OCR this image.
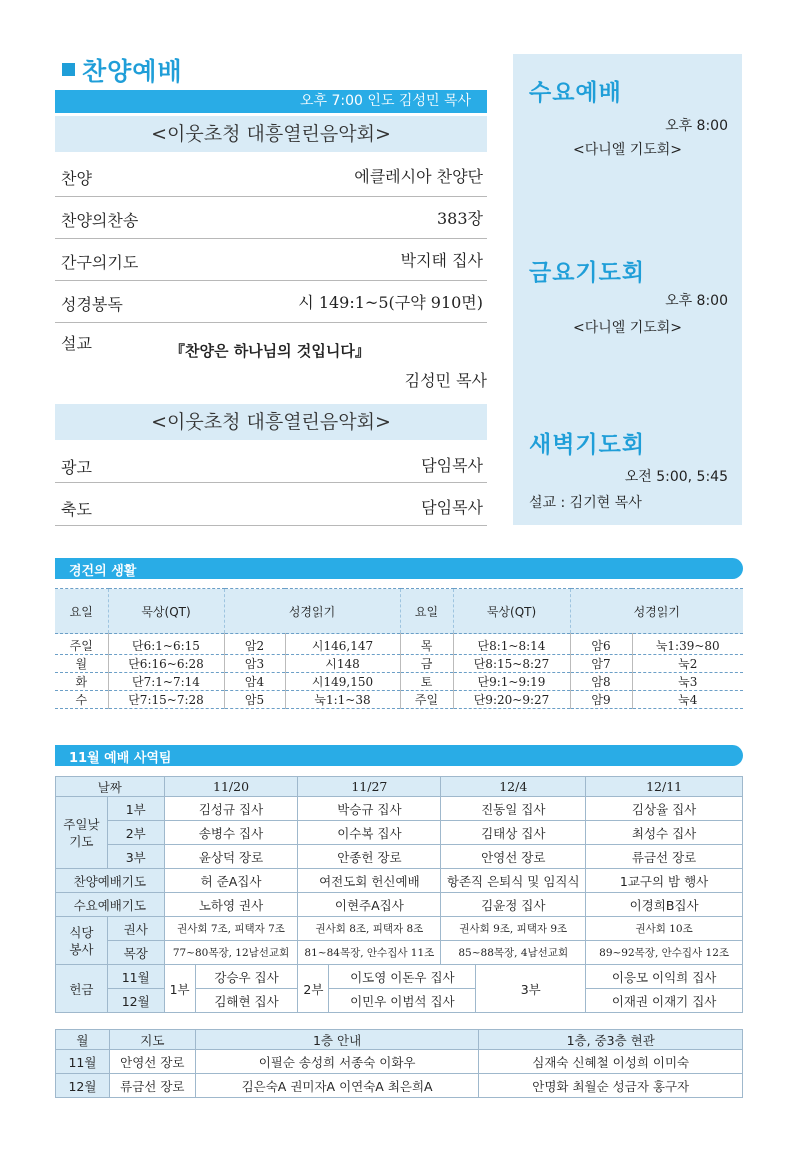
찬양예배
오후 7:00 인도 김성민 목사
<이웃초청 대흥열린음악회>
찬양	에클레시아 찬양단
찬양의찬송	383장
간구의기도	박지태 집사
성경봉독	시 149:1~5(구약 910면)
설교	『찬양은 하나님의 것입니다』
김성민 목사
<이웃초청 대흥열린음악회>
광고	담임목사
축도	담임목사
수요예배
오후 8:00
<다니엘 기도회>
금요기도회
오후 8:00
<다니엘 기도회>
새벽기도회
오전 5:00, 5:45
설교 : 김기현 목사
경건의 생활
요일	묵상(QT)	성경읽기		요일	묵상(QT)	성경읽기	
주일	단6:1~6:15	암2	시146,147	목	단8:1~8:14	암6	눅1:39~80
월	단6:16~6:28	암3	시148	금	단8:15~8:27	암7	눅2
화	단7:1~7:14	암4	시149,150	토	단9:1~9:19	암8	눅3
수	단7:15~7:28	암5	눅1:1~38	주일	단9:20~9:27	암9	눅4
11월 예배 사역팀
날짜		11/20		11/27		12/4		12/11
주일낮 기도	1부	김성규 집사		박승규 집사		진동일 집사		김상율 집사
	2부	송병수 집사		이수복 집사		김태상 집사		최성수 집사
	3부	윤상덕 장로		안종헌 장로		안영선 장로		류금선 장로
찬양예배기도		허 준A집사		여전도회 헌신예배		항존직 은퇴식 및 임직식		1교구의 밤 행사
수요예배기도		노하영 권사		이현주A집사		김윤정 집사		이경희B집사
식당 봉사	권사	권사회 7조, 피택자 7조		권사회 8조, 피택자 8조		권사회 9조, 피택자 9조		권사회 10조
	목장	77~80목장, 12남선교회		81~84목장, 안수집사 11조		85~88목장, 4남선교회		89~92목장, 안수집사 12조
헌금	11월	1부	강승우 집사	2부	이도영 이돈우 집사		3부	이응모 이익희 집사
	12월		김해현 집사		이민우 이범석 집사			이재권 이재기 집사
월	지도	1층 안내	1층, 중3층 현관
11월	안영선 장로	이필순 송성희 서종숙 이화우	심재숙 신혜철 이성희 이미숙
12월	류금선 장로	김은숙A 권미자A 이연숙A 최은희A	안명화 최월순 성금자 홍구자
